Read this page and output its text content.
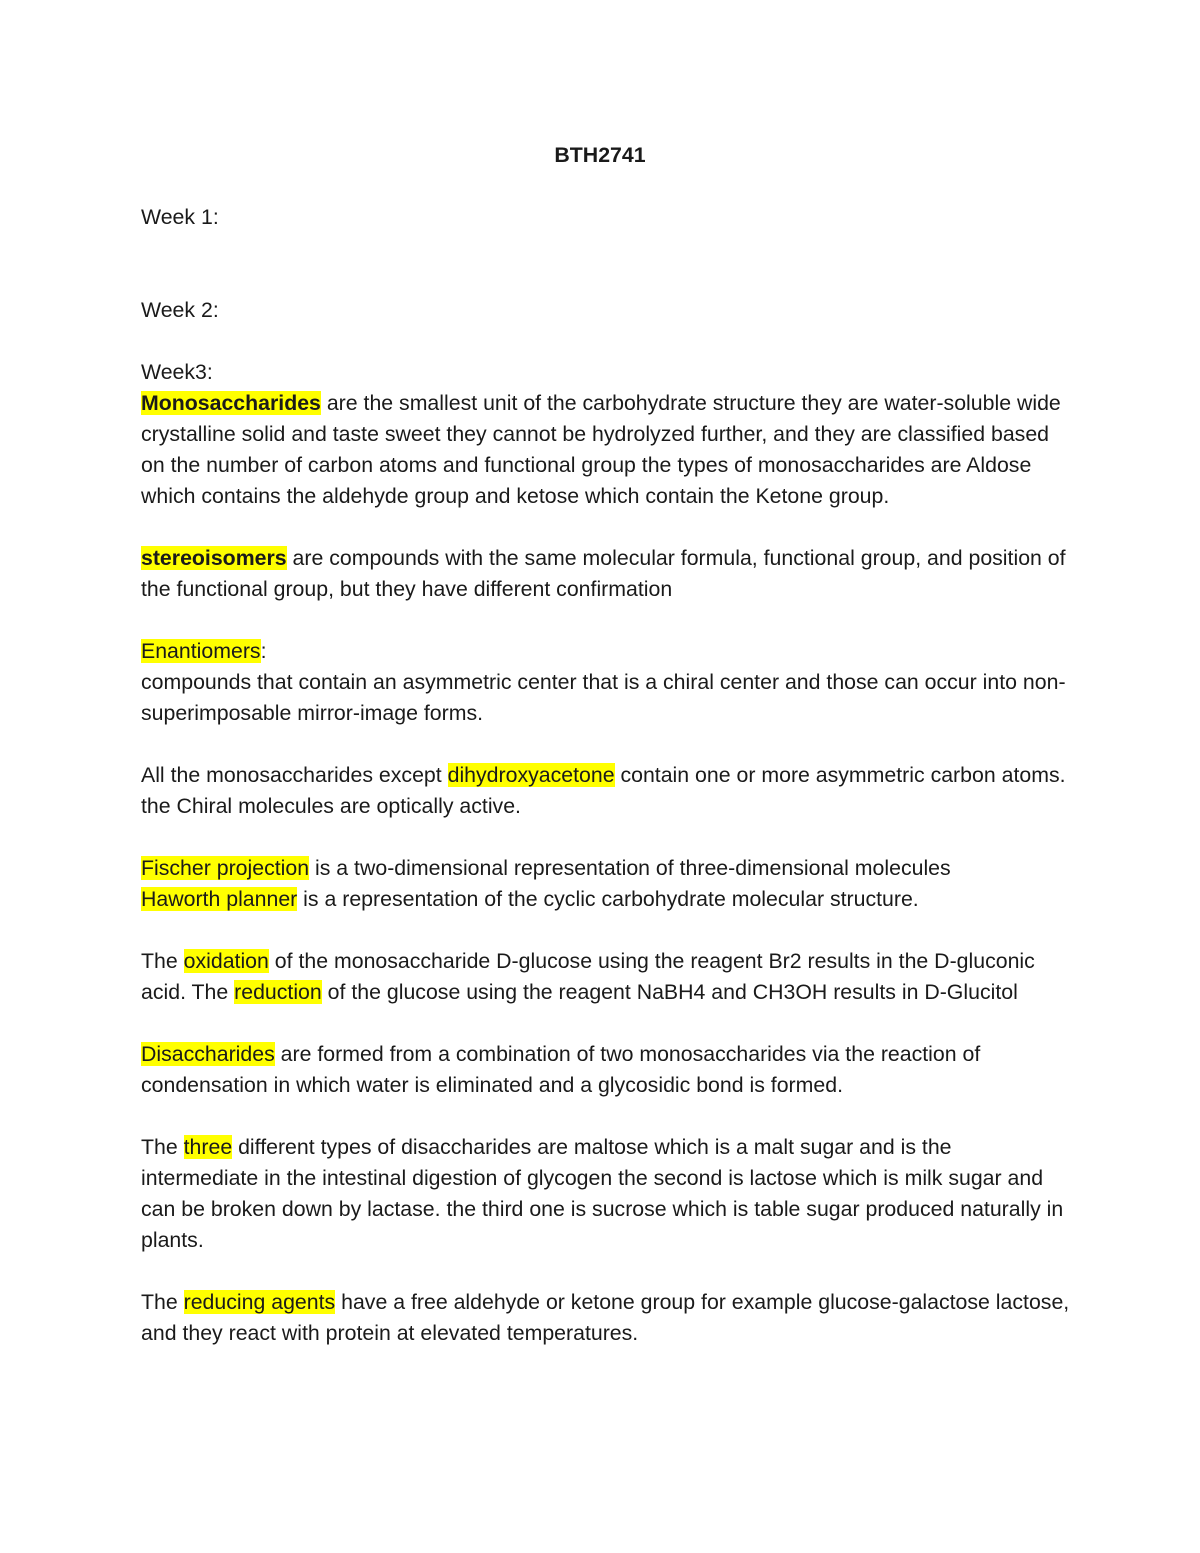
BTH2741

Week 1:

Week 2:

Week3:

Monosaccharides are the smallest unit of the carbohydrate structure they are water-soluble wide crystalline solid and taste sweet they cannot be hydrolyzed further, and they are classified based on the number of carbon atoms and functional group the types of monosaccharides are Aldose which contains the aldehyde group and ketose which contain the Ketone group.

stereoisomers are compounds with the same molecular formula, functional group, and position of the functional group, but they have different confirmation

Enantiomers:

compounds that contain an asymmetric center that is a chiral center and those can occur into non-superimposable mirror-image forms.

All the monosaccharides except dihydroxyacetone contain one or more asymmetric carbon atoms. the Chiral molecules are optically active.

Fischer projection is a two-dimensional representation of three-dimensional molecules

Haworth planner is a representation of the cyclic carbohydrate molecular structure.

The oxidation of the monosaccharide D-glucose using the reagent Br2 results in the D-gluconic acid. The reduction of the glucose using the reagent NaBH4 and CH3OH results in D-Glucitol

Disaccharides are formed from a combination of two monosaccharides via the reaction of condensation in which water is eliminated and a glycosidic bond is formed.

The three different types of disaccharides are maltose which is a malt sugar and is the intermediate in the intestinal digestion of glycogen the second is lactose which is milk sugar and can be broken down by lactase. the third one is sucrose which is table sugar produced naturally in plants.

The reducing agents have a free aldehyde or ketone group for example glucose-galactose lactose, and they react with protein at elevated temperatures.
